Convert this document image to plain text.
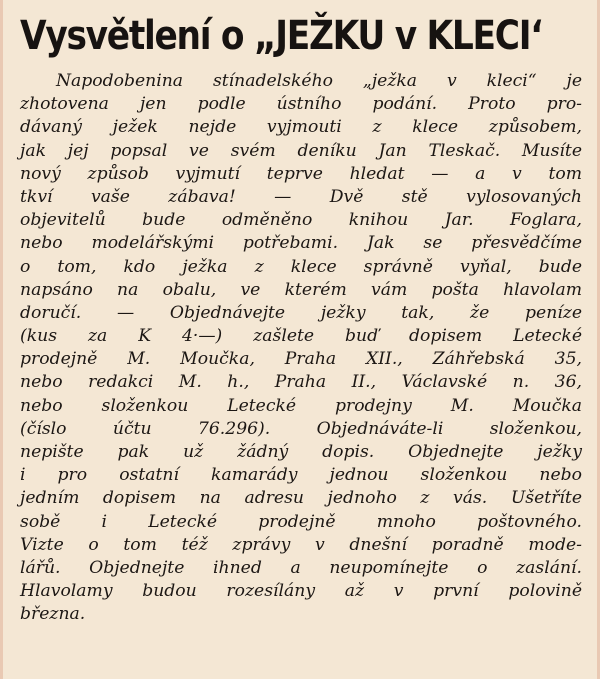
Vysvětlení o „JEŽKU v KLECI‘
Napodobenina stínadelského „ježka v kleci“ je
zhotovena jen podle ústního podání. Proto pro-
dávaný ježek nejde vyjmouti z klece způsobem,
jak jej popsal ve svém deníku Jan Tleskač. Musíte
nový způsob vyjmutí teprve hledat — a v tom
tkví vaše zábava! — Dvě stě vylosovaných
objevitelů bude odměněno knihou Jar. Foglara,
nebo modelářskými potřebami. Jak se přesvědčíme
o tom, kdo ježka z klece správně vyňal, bude
napsáno na obalu, ve kterém vám pošta hlavolam
doručí. — Objednávejte ježky tak, že peníze
(kus za K 4·—) zašlete buď dopisem Letecké
prodejně M. Moučka, Praha XII., Záhřebská 35,
nebo redakci M. h., Praha II., Václavské n. 36,
nebo složenkou Letecké prodejny M. Moučka
(číslo účtu 76.296). Objednáváte-li složenkou,
nepište pak už žádný dopis. Objednejte ježky
i pro ostatní kamarády jednou složenkou nebo
jedním dopisem na adresu jednoho z vás. Ušetříte
sobě i Letecké prodejně mnoho poštovného.
Vizte o tom též zprávy v dnešní poradně mode-
lářů. Objednejte ihned a neupomínejte o zaslání.
Hlavolamy budou rozesílány až v první polovině
března.
